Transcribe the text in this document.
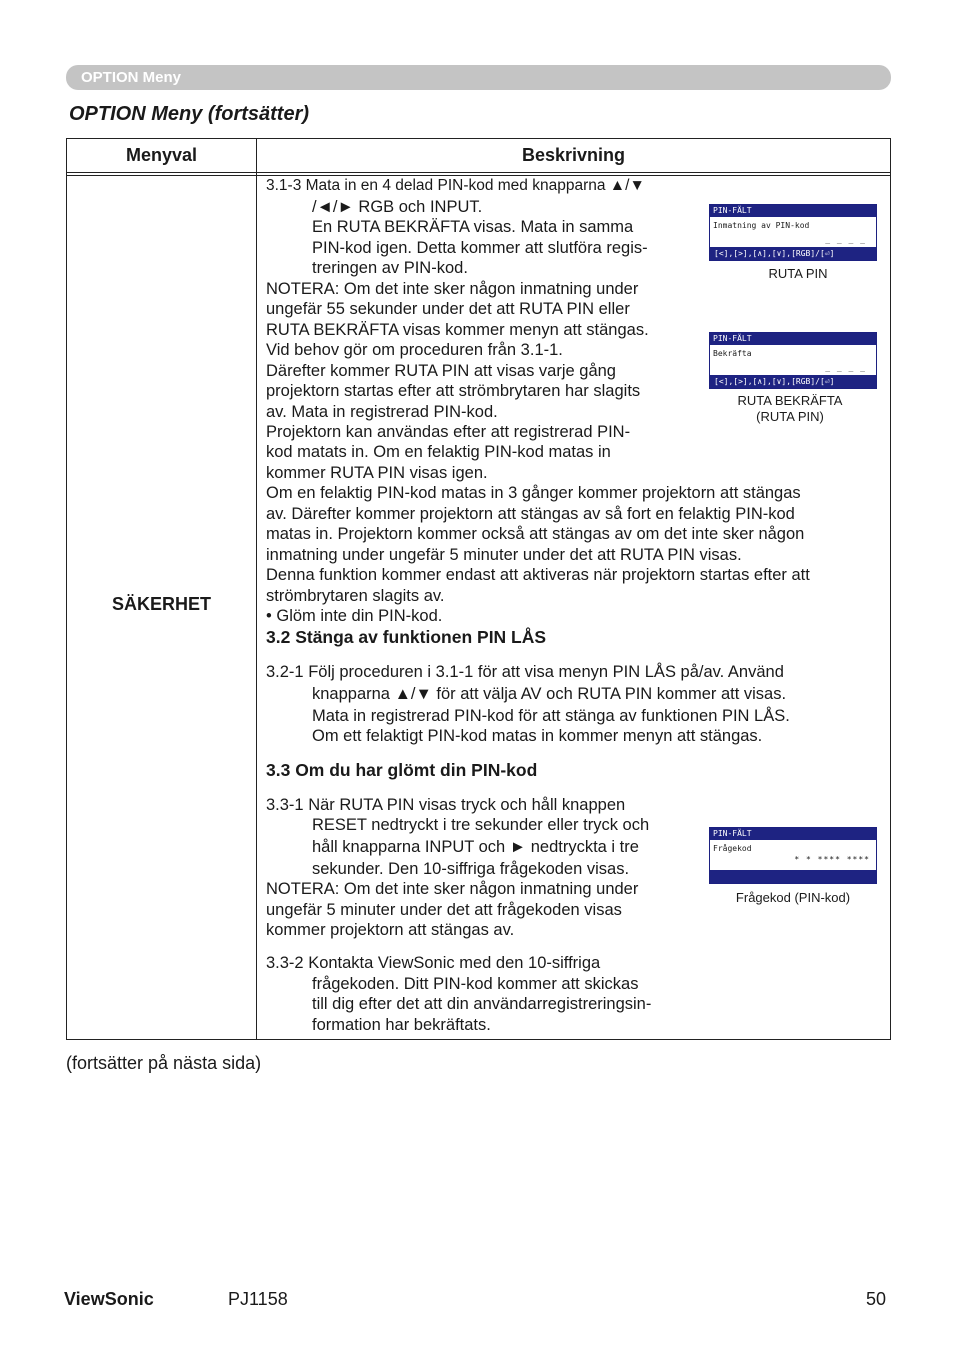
OPTION Meny
OPTION Meny (fortsätter)
Menyval	Beskrivning
SÄKERHET
3.1-3 Mata in en 4 delad PIN-kod med knapparna ▲/▼
/◄/► RGB och INPUT.
En RUTA BEKRÄFTA visas. Mata in samma
PIN-kod igen. Detta kommer att slutföra regis-
treringen av PIN-kod.
NOTERA: Om det inte sker någon inmatning under
ungefär 55 sekunder under det att RUTA PIN eller
RUTA BEKRÄFTA visas kommer menyn att stängas.
Vid behov gör om proceduren från 3.1-1.
Därefter kommer RUTA PIN att visas varje gång
projektorn startas efter att strömbrytaren har slagits
av. Mata in registrerad PIN-kod.
Projektorn kan användas efter att registrerad PIN-
kod matats in. Om en felaktig PIN-kod matas in
kommer RUTA PIN visas igen.
Om en felaktig PIN-kod matas in 3 gånger kommer projektorn att stängas
av. Därefter kommer projektorn att stängas av så fort en felaktig PIN-kod
matas in. Projektorn kommer också att stängas av om det inte sker någon
inmatning under ungefär 5 minuter under det att RUTA PIN visas.
Denna funktion kommer endast att aktiveras när projektorn startas efter att
strömbrytaren slagits av.
• Glöm inte din PIN-kod.
3.2 Stänga av funktionen PIN LÅS
3.2-1 Följ proceduren i 3.1-1 för att visa menyn PIN LÅS på/av. Använd
knapparna ▲/▼ för att välja AV och RUTA PIN kommer att visas.
Mata in registrerad PIN-kod för att stänga av funktionen PIN LÅS.
Om ett felaktigt PIN-kod matas in kommer menyn att stängas.
3.3 Om du har glömt din PIN-kod
3.3-1 När RUTA PIN visas tryck och håll knappen
RESET nedtryckt i tre sekunder eller tryck och
håll knapparna INPUT och ► nedtryckta i tre
sekunder. Den 10-siffriga frågekoden visas.
NOTERA: Om det inte sker någon inmatning under
ungefär 5 minuter under det att frågekoden visas
kommer projektorn att stängas av.
3.3-2 Kontakta ViewSonic med den 10-siffriga
frågekoden. Ditt PIN-kod kommer att skickas
till dig efter det att din användarregistreringsin-
formation har bekräftats.
PIN-FÄLT
Inmatning av PIN-kod
_ _ _ _
[<],[>],[∧],[∨],[RGB]/[⏎]
RUTA PIN
PIN-FÄLT
Bekräfta
_ _ _ _
[<],[>],[∧],[∨],[RGB]/[⏎]
RUTA BEKRÄFTA
(RUTA PIN)
PIN-FÄLT
Frågekod
* * **** ****
Frågekod (PIN-kod)
(fortsätter på nästa sida)
ViewSonic	PJ1158	50
